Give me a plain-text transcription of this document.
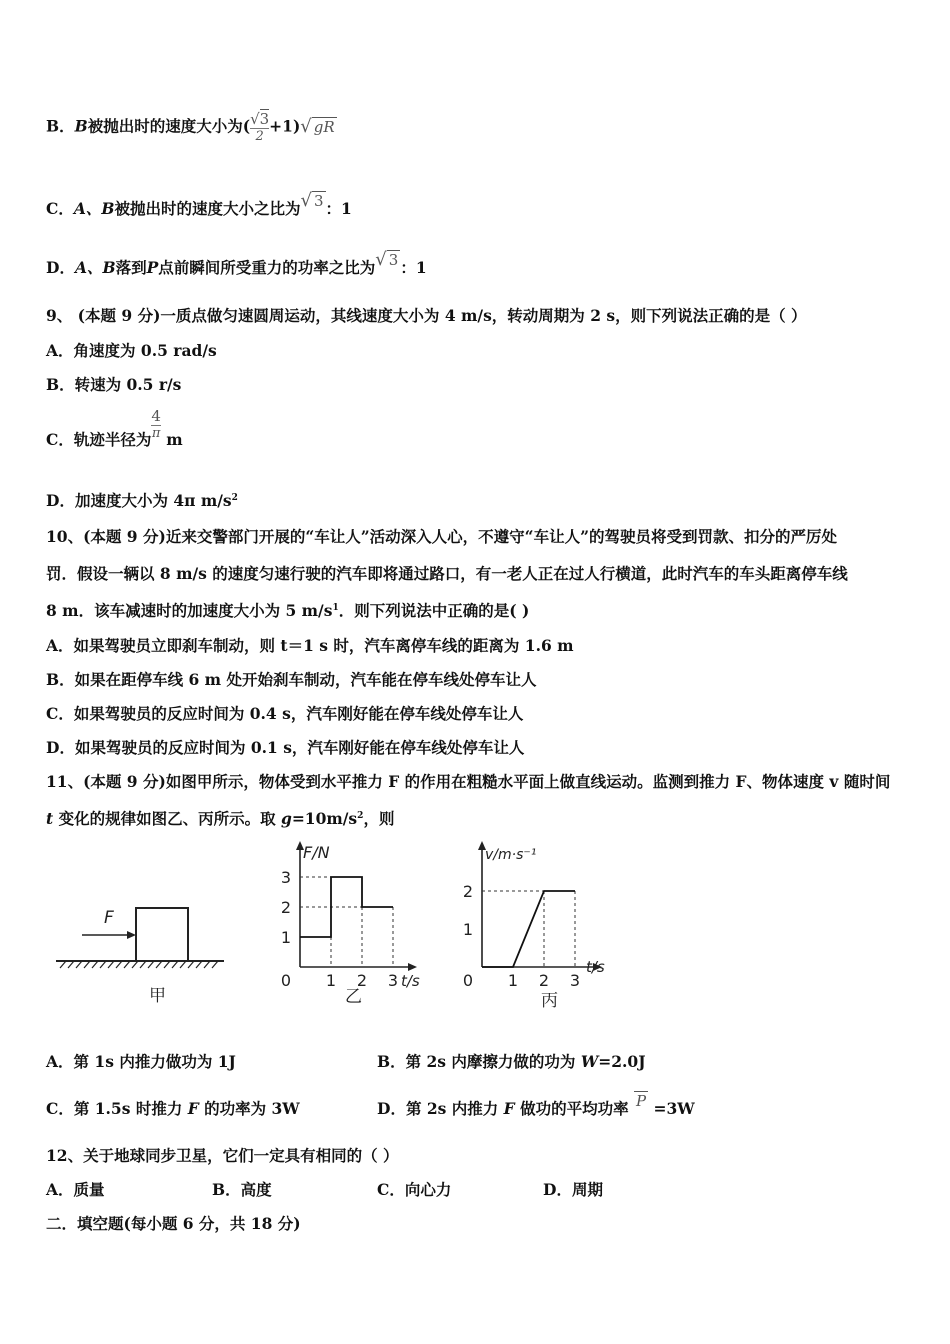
B．B被抛出时的速度大小为( $\frac{√3}{2} +1)√$ gR
C．A、B被抛出时的速度大小之比为√ 3 ：1
D．A、B落到P点前瞬间所受重力的功率之比为√ 3 ：1
9、 (本题 9 分)一质点做匀速圆周运动，其线速度大小为 4 m/s，转动周期为 2 s，则下列说法正确的是（ ）
A．角速度为 0.5 rad/s
B．转速为 0.5 r/s
C．轨迹半径为 $\frac{4}{\pi}$ m
D．加速度大小为 4π $m/s^2$
10、(本题 9 分)近来交警部门开展的“车让人”活动深入人心，不遵守“车让人”的驾驶员将受到罚款、扣分的严厉处
罚．假设一辆以 8 m/s 的速度匀速行驶的汽车即将通过路口，有一老人正在过人行横道，此时汽车的车头距离停车线
8 m．该车减速时的加速度大小为 5 $m/s^1$．则下列说法中正确的是( )
A．如果驾驶员立即刹车制动，则 t＝1 s 时，汽车离停车线的距离为 1.6 m
B．如果在距停车线 6 m 处开始刹车制动，汽车能在停车线处停车让人
C．如果驾驶员的反应时间为 0.4 s，汽车刚好能在停车线处停车让人
D．如果驾驶员的反应时间为 0.1 s，汽车刚好能在停车线处停车让人
11、(本题 9 分)如图甲所示，物体受到水平推力 F 的作用在粗糙水平面上做直线运动。监测到推力 F、物体速度 v 随时间
t 变化的规律如图乙、丙所示。取 $g=10m/s^2$，则
F
甲
F/N
t/s
1
2
3
0 1 2 3
乙
v/m·s⁻¹
t/s
1
2
0 1 2 3
丙
A．第 1s 内推力做功为 1J	B．第 2s 内摩擦力做的功为 W=2.0J
C．第 1.5s 时推力 F 的功率为 3W	D．第 2s 内推力 F 做功的平均功率 P =3W
12、关于地球同步卫星，它们一定具有相同的（ ）
A．质量	B．高度	C．向心力	D．周期
二．填空题(每小题 6 分，共 18 分)
